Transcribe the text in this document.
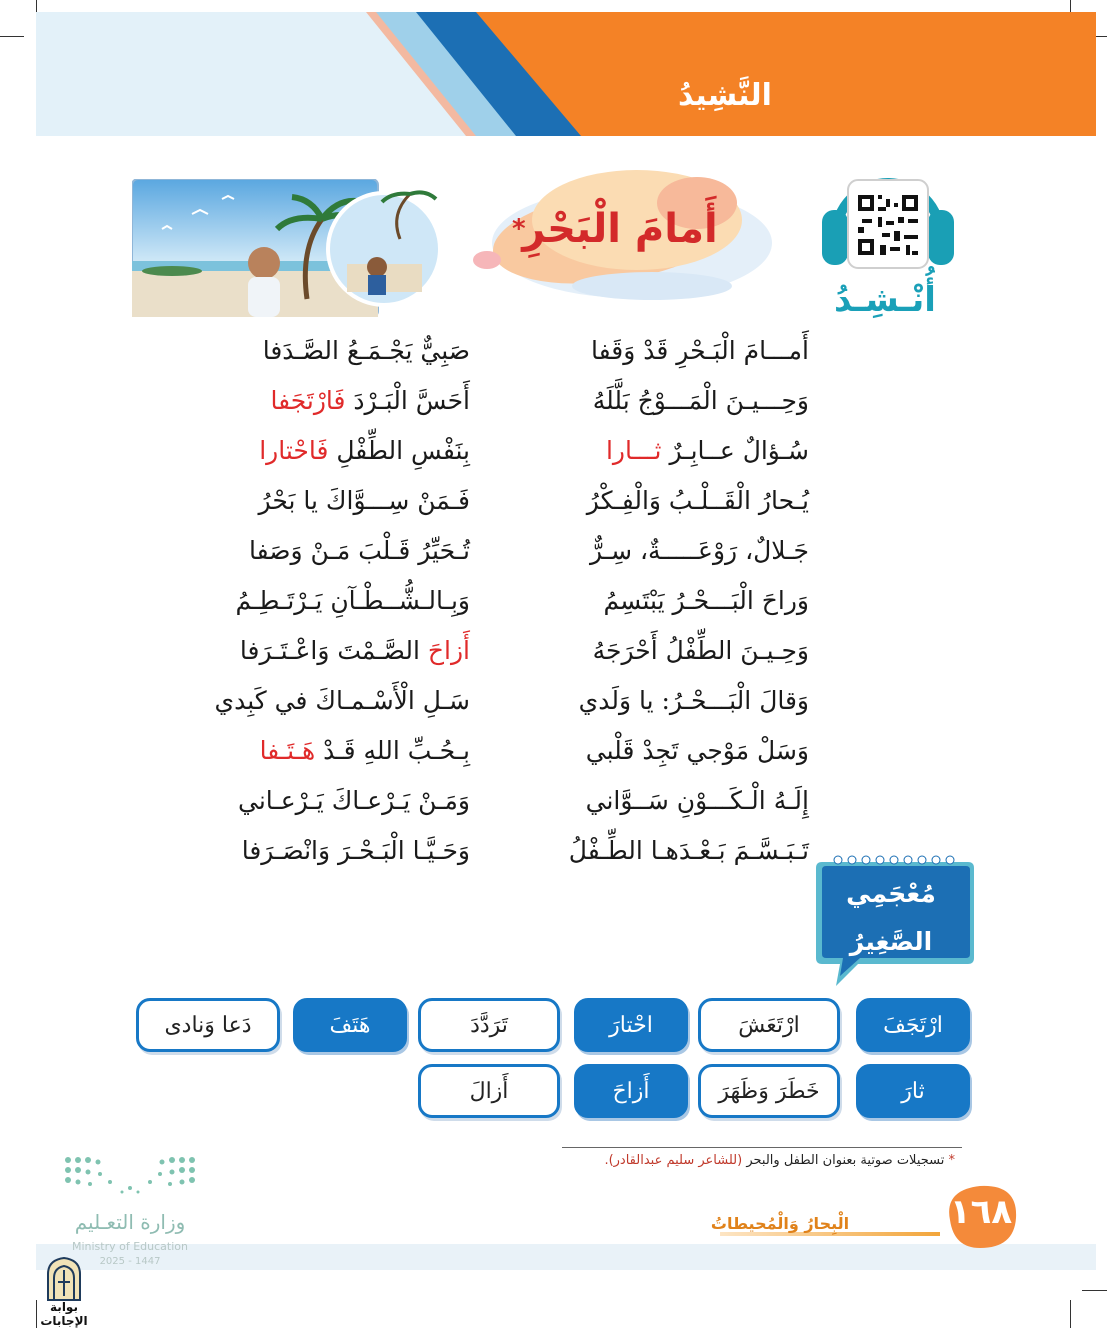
النَّشِيدُ
أُنْـشِـدُ
أَمامَ الْبَحْرِ
*
أَمـــامَ الْبَـحْرِ قَدْ وَقَفا
صَبِيٌّ يَجْـمَـعُ الصَّـدَفا
وَحِـــيـنَ الْمَـــوْجُ بَلَّلَهُ
أَحَسَّ الْبَـرْدَ فَارْتَجَفا
سُـؤالٌ عــابِـرٌ ثـــارا
بِنَفْسِ الطِّفْلِ فَاحْتارا
يُـحارُ الْقَــلْـبُ وَالْفِـكْرُ
فَـمَنْ سِـــوَّاكَ يا بَحْرُ
جَـلالٌ، رَوْعَـــــةٌ، سِـرٌّ
تُـحَيِّرُ قَـلْبَ مَـنْ وَصَفا
وَراحَ الْبَـــحْـرُ يَبْتَسِمُ
وَبِـالـشُّــطْـآنِ يَـرْتَـطِـمُ
وَحِـيـنَ الطِّفْلُ أَحْرَجَهُ
أَزاحَ الصَّـمْتَ وَاعْـتَـرَفا
وَقالَ الْبَـــحْـرُ: يا وَلَدي
سَـلِ الْأَسْـمـاكَ في كَبِدي
وَسَلْ مَوْجي تَجِدْ قَلْبي
بِـحُـبِّ اللهِ قَـدْ هَـتَـفا
إِلَـهُ الْـكَـــوْنِ سَــوَّاني
وَمَـنْ يَـرْعـاكَ يَـرْعـاني
تَـبَـسَّـمَ بَـعْـدَهـا الطِّـفْلُ
وَحَـيَّـا الْبَـحْـرَ وَانْصَـرَفا
مُعْجَمِي
الصَّغِيرُ
ارْتَجَفَ
ارْتَعَشَ
احْتارَ
تَرَدَّدَ
هَتَفَ
دَعا وَنادى
ثارَ
خَطَرَ وَظَهَرَ
أَزاحَ
أَزالَ
* تسجيلات صوتية بعنوان الطفل والبحر (للشاعر سليم عبدالقادر).
١٦٨
الْبِحارُ وَالْمُحيطاتُ
وزارة التعـليم
Ministry of Education
2025 - 1447
بوابة الإجابات
